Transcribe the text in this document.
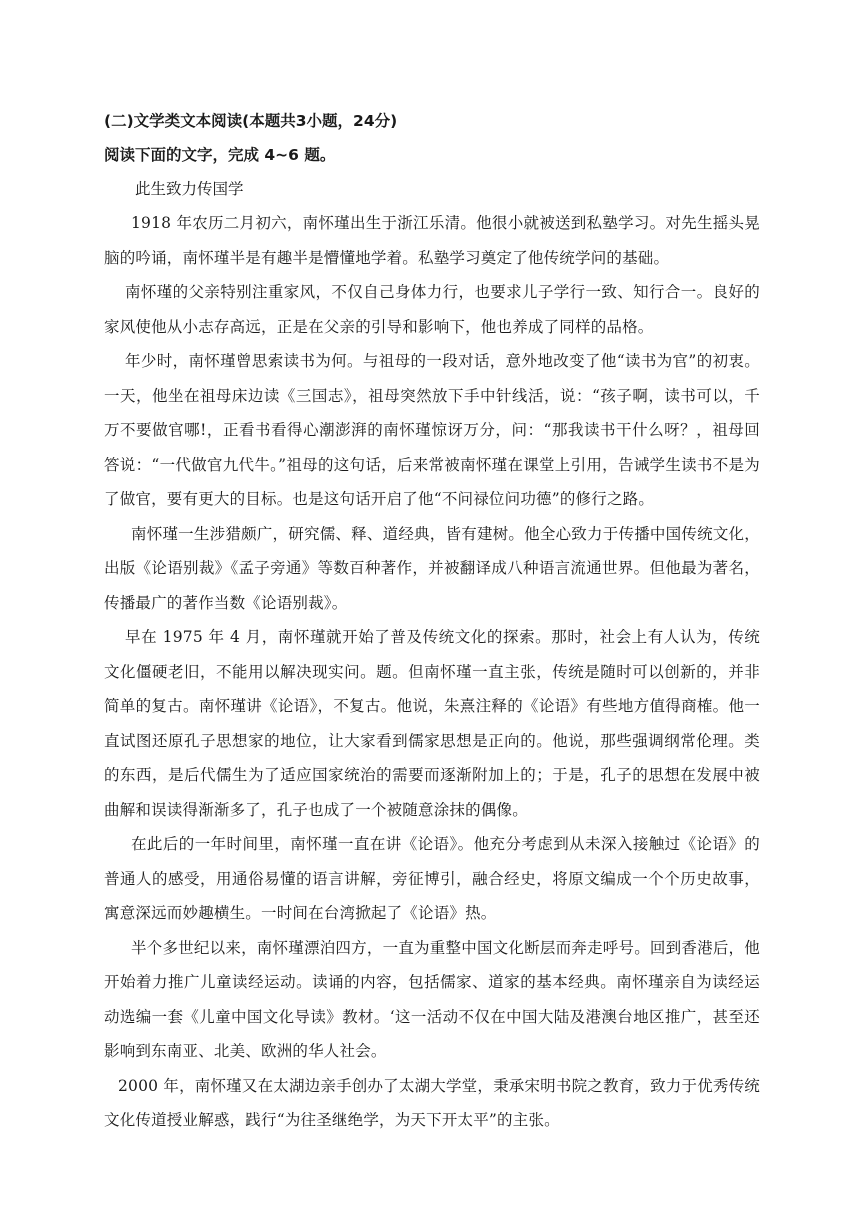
(二)文学类文本阅读(本题共3小题，24分)

阅读下面的文字，完成 4~6 题。

此生致力传国学

1918 年农历二月初六，南怀瑾出生于浙江乐清。他很小就被送到私塾学习。对先生摇头晃脑的吟诵，南怀瑾半是有趣半是懵懂地学着。私塾学习奠定了他传统学问的基础。

南怀瑾的父亲特别注重家风，不仅自己身体力行，也要求儿子学行一致、知行合一。良好的家风使他从小志存高远，正是在父亲的引导和影响下，他也养成了同样的品格。

年少时，南怀瑾曾思索读书为何。与祖母的一段对话，意外地改变了他“读书为官”的初衷。一天，他坐在祖母床边读《三国志》，祖母突然放下手中针线活，说：“孩子啊，读书可以，千万不要做官哪!，正看书看得心潮澎湃的南怀瑾惊讶万分，问：“那我读书干什么呀？，祖母回答说：“一代做官九代牛。”祖母的这句话，后来常被南怀瑾在课堂上引用，告诫学生读书不是为了做官，要有更大的目标。也是这句话开启了他“不问禄位问功德”的修行之路。

南怀瑾一生涉猎颇广，研究儒、释、道经典，皆有建树。他全心致力于传播中国传统文化，出版《论语别裁》《孟子旁通》等数百种著作，并被翻译成八种语言流通世界。但他最为著名，传播最广的著作当数《论语别裁》。

早在 1975 年 4 月，南怀瑾就开始了普及传统文化的探索。那时，社会上有人认为，传统文化僵硬老旧，不能用以解决现实问。题。但南怀瑾一直主张，传统是随时可以创新的，并非简单的复古。南怀瑾讲《论语》，不复古。他说，朱熹注释的《论语》有些地方值得商榷。他一直试图还原孔子思想家的地位，让大家看到儒家思想是正向的。他说，那些强调纲常伦理。类的东西，是后代儒生为了适应国家统治的需要而逐渐附加上的；于是，孔子的思想在发展中被曲解和误读得渐渐多了，孔子也成了一个被随意涂抹的偶像。

在此后的一年时间里，南怀瑾一直在讲《论语》。他充分考虑到从未深入接触过《论语》的普通人的感受，用通俗易懂的语言讲解，旁征博引，融合经史，将原文编成一个个历史故事，寓意深远而妙趣横生。一时间在台湾掀起了《论语》热。

半个多世纪以来，南怀瑾漂泊四方，一直为重整中国文化断层而奔走呼号。回到香港后，他开始着力推广儿童读经运动。读诵的内容，包括儒家、道家的基本经典。南怀瑾亲自为读经运动选编一套《儿童中国文化导读》教材。‘这一活动不仅在中国大陆及港澳台地区推广，甚至还影响到东南亚、北美、欧洲的华人社会。

2000 年，南怀瑾又在太湖边亲手创办了太湖大学堂，秉承宋明书院之教育，致力于优秀传统文化传道授业解惑，践行“为往圣继绝学，为天下开太平”的主张。
